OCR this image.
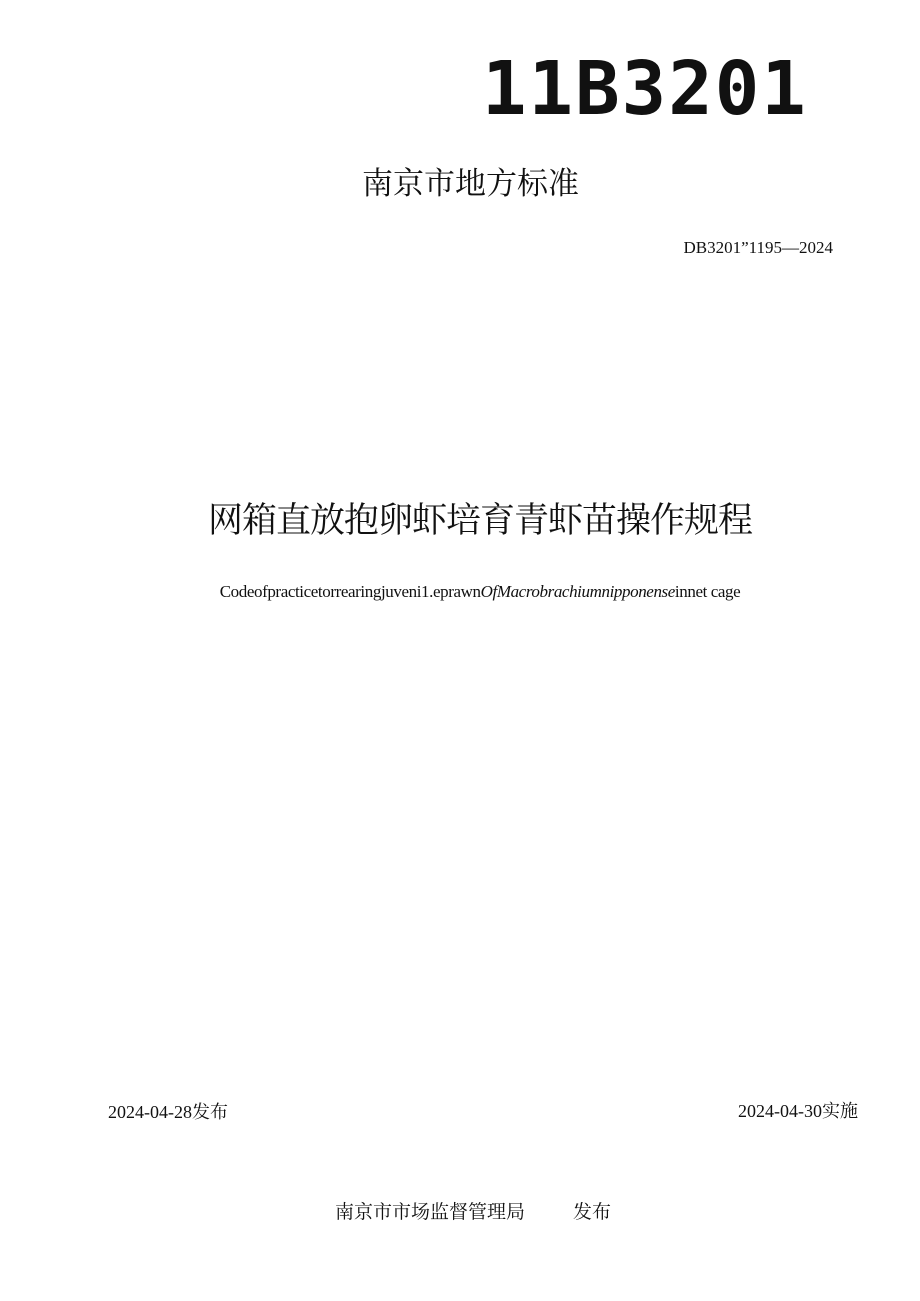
11B3201
南京市地方标准
DB3201”1195—2024
网箱直放抱卵虾培育青虾苗操作规程
Codeofpracticetorrearingjuveni1.eprawnOfMacrobrachiumnipponenseinnet cage
2024-04-28发布	2024-04-30实施
南京市市场监督管理局	发布
